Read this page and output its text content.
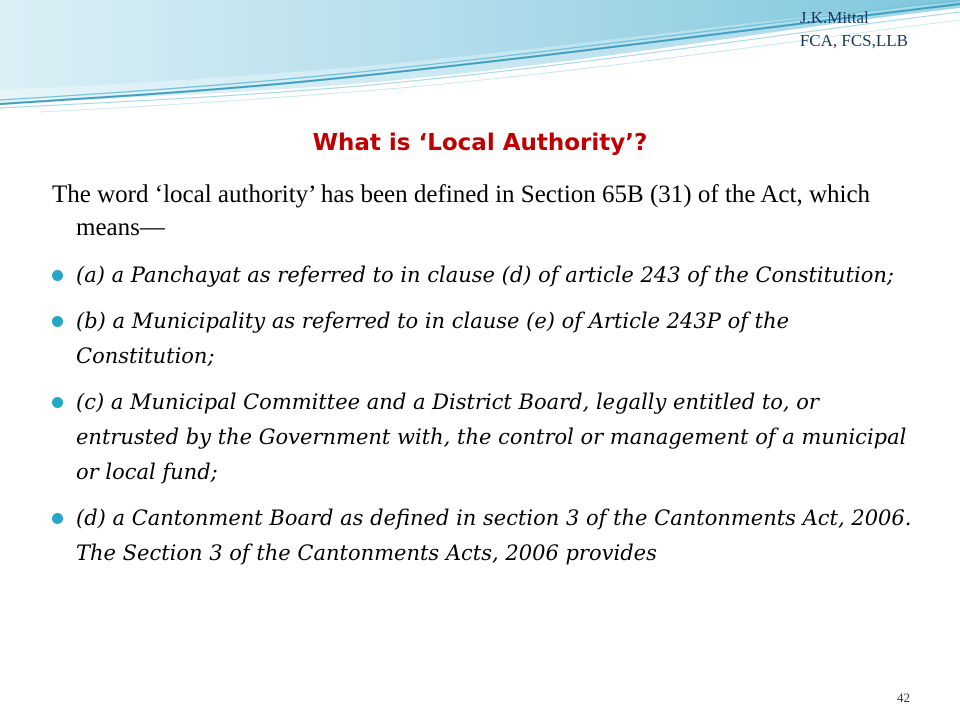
J.K.Mittal
FCA, FCS,LLB
What is ‘Local Authority’?
The word ‘local authority’ has been defined in Section 65B (31) of the Act, which means—
(a) a Panchayat as referred to in clause (d) of article 243 of the Constitution;
(b) a Municipality as referred to in clause (e) of Article 243P of the Constitution;
(c) a Municipal Committee and a District Board, legally entitled to, or entrusted by the Government with, the control or management of a municipal or local fund;
(d) a Cantonment Board as defined in section 3 of the Cantonments Act, 2006. The Section 3 of the Cantonments Acts, 2006 provides
42
